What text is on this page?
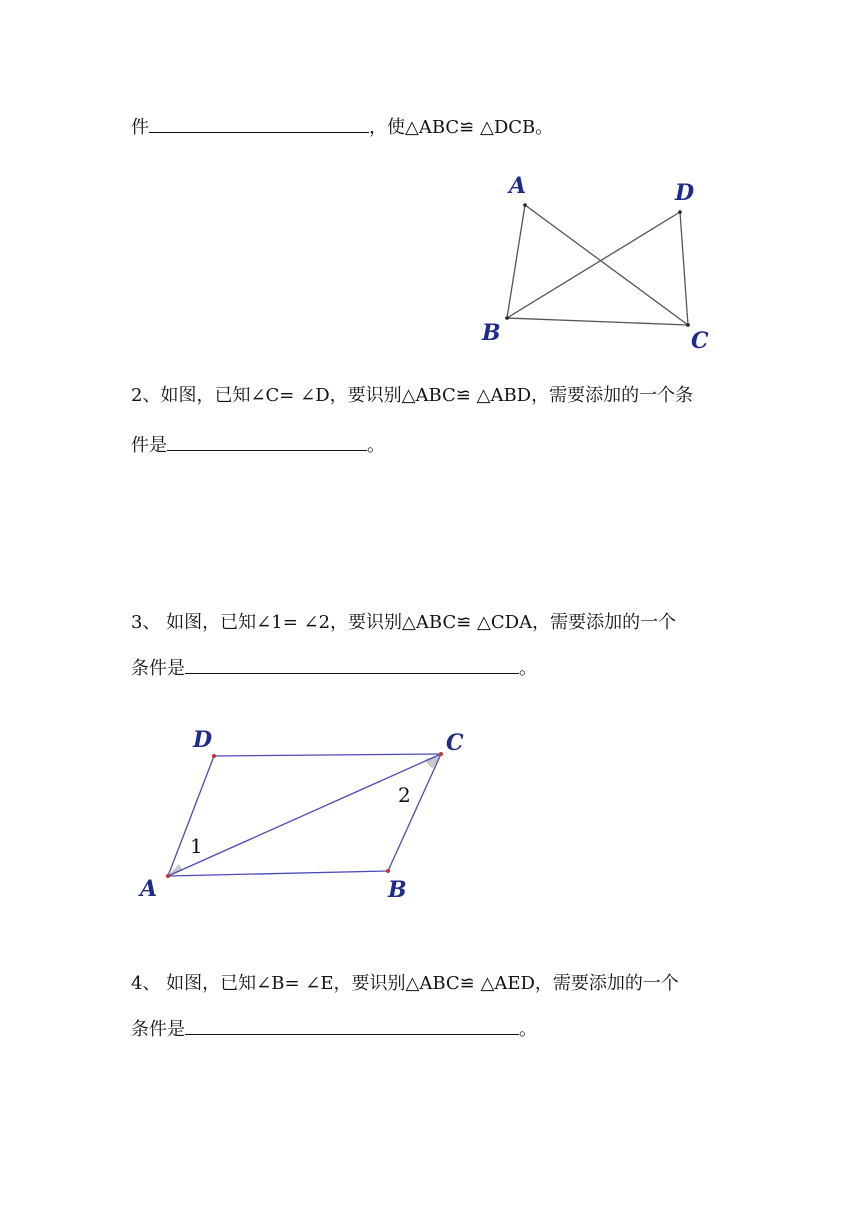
件	，使△ABC≌ △DCB。
A
B	C
D
2、如图，已知∠C= ∠D，要识别△ABC≌ △ABD，需要添加的一个条
件是	。
3、 如图，已知∠1= ∠2，要识别△ABC≌ △CDA，需要添加的一个
条件是	。
D	C
A	B
1
2
4、 如图，已知∠B= ∠E，要识别△ABC≌ △AED，需要添加的一个
条件是	。
